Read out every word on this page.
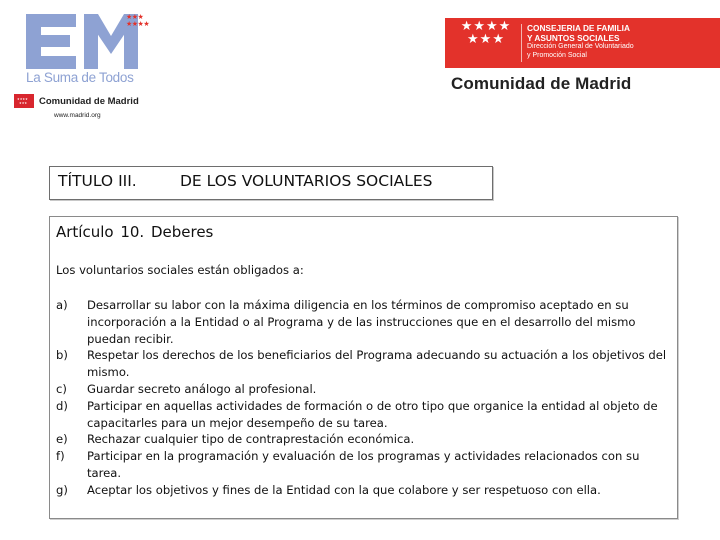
★★★
★★★★
La Suma de Todos
★★★★
★★★ Comunidad de Madrid
www.madrid.org
★★★★
★★★
CONSEJERIA DE FAMILIA
Y ASUNTOS SOCIALES
Dirección General de Voluntariado
y Promoción Social
Comunidad de Madrid
TÍTULO III.	DE LOS VOLUNTARIOS SOCIALES
Artículo 10. Deberes
Los voluntarios sociales están obligados a:
a) Desarrollar su labor con la máxima diligencia en los términos de compromiso aceptado en su incorporación a la Entidad o al Programa y de las instrucciones que en el desarrollo del mismo puedan recibir.
b) Respetar los derechos de los beneficiarios del Programa adecuando su actuación a los objetivos del mismo.
c) Guardar secreto análogo al profesional.
d) Participar en aquellas actividades de formación o de otro tipo que organice la entidad al objeto de capacitarles para un mejor desempeño de su tarea.
e) Rechazar cualquier tipo de contraprestación económica.
f) Participar en la programación y evaluación de los programas y actividades relacionados con su tarea.
g) Aceptar los objetivos y fines de la Entidad con la que colabore y ser respetuoso con ella.
